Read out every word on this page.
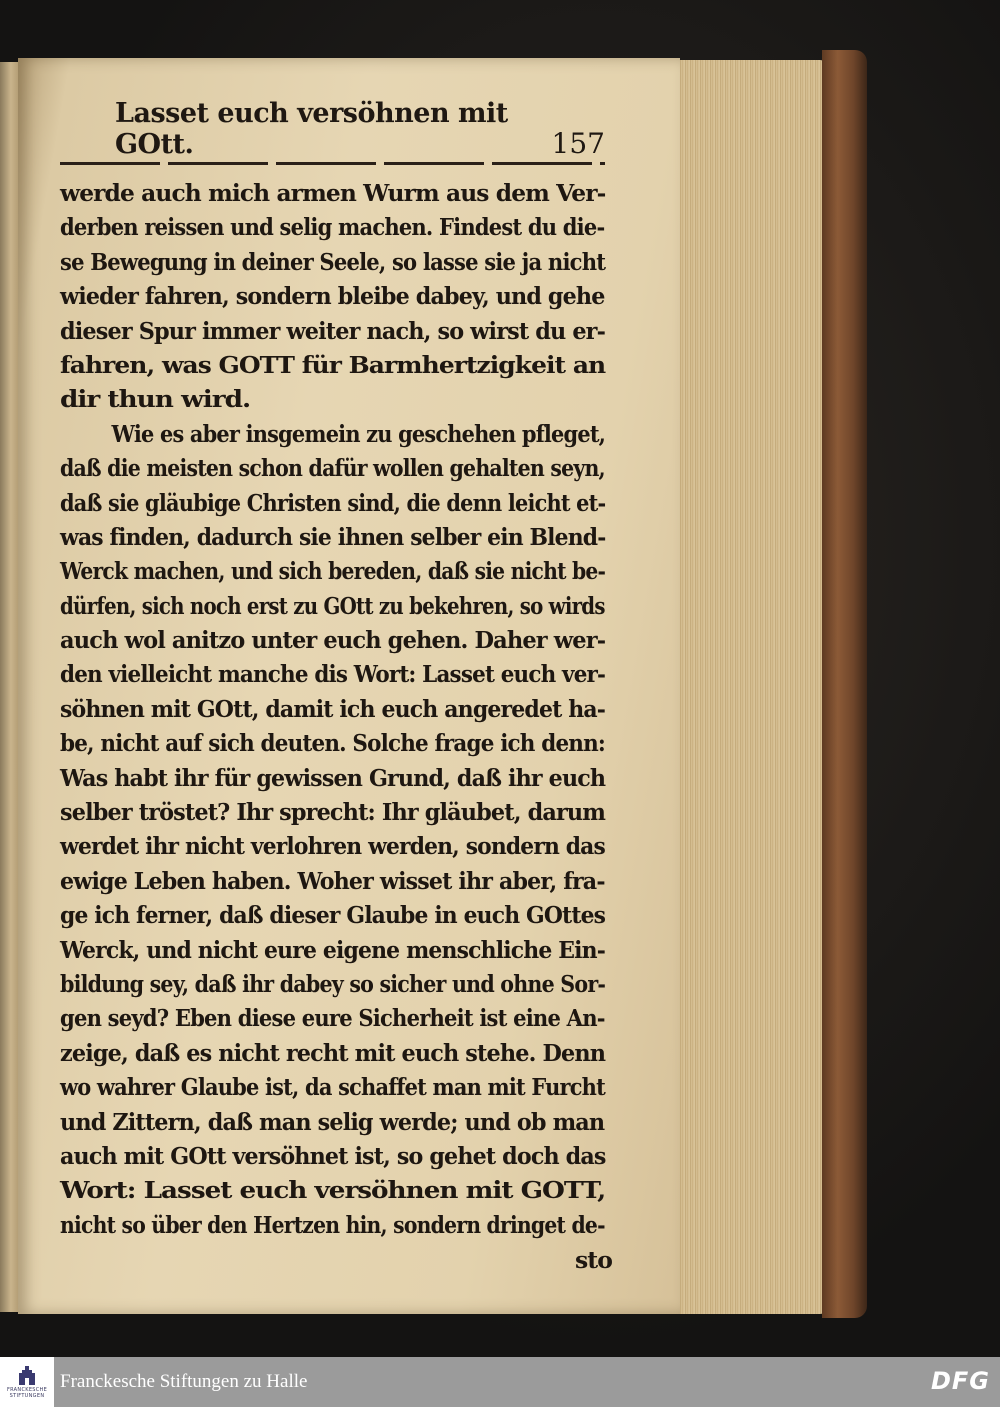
Lasset euch versöhnen mit GOtt.	157
werde auch mich armen Wurm aus dem Ver-
derben reissen und selig machen. Findest du die-
se Bewegung in deiner Seele, so lasse sie ja nicht
wieder fahren, sondern bleibe dabey, und gehe
dieser Spur immer weiter nach, so wirst du er-
fahren, was GOTT für Barmhertzigkeit an
dir thun wird.
Wie es aber insgemein zu geschehen pfleget,
daß die meisten schon dafür wollen gehalten seyn,
daß sie gläubige Christen sind, die denn leicht et-
was finden, dadurch sie ihnen selber ein Blend-
Werck machen, und sich bereden, daß sie nicht be-
dürfen, sich noch erst zu GOtt zu bekehren, so wirds
auch wol anitzo unter euch gehen. Daher wer-
den vielleicht manche dis Wort: Lasset euch ver-
söhnen mit GOtt, damit ich euch angeredet ha-
be, nicht auf sich deuten. Solche frage ich denn:
Was habt ihr für gewissen Grund, daß ihr euch
selber tröstet? Ihr sprecht: Ihr gläubet, darum
werdet ihr nicht verlohren werden, sondern das
ewige Leben haben. Woher wisset ihr aber, fra-
ge ich ferner, daß dieser Glaube in euch GOttes
Werck, und nicht eure eigene menschliche Ein-
bildung sey, daß ihr dabey so sicher und ohne Sor-
gen seyd? Eben diese eure Sicherheit ist eine An-
zeige, daß es nicht recht mit euch stehe. Denn
wo wahrer Glaube ist, da schaffet man mit Furcht
und Zittern, daß man selig werde; und ob man
auch mit GOtt versöhnet ist, so gehet doch das
Wort: Lasset euch versöhnen mit GOTT,
nicht so über den Hertzen hin, sondern dringet de-
sto
FRANCKESCHE
STIFTUNGEN
Franckesche Stiftungen zu Halle	DFG
